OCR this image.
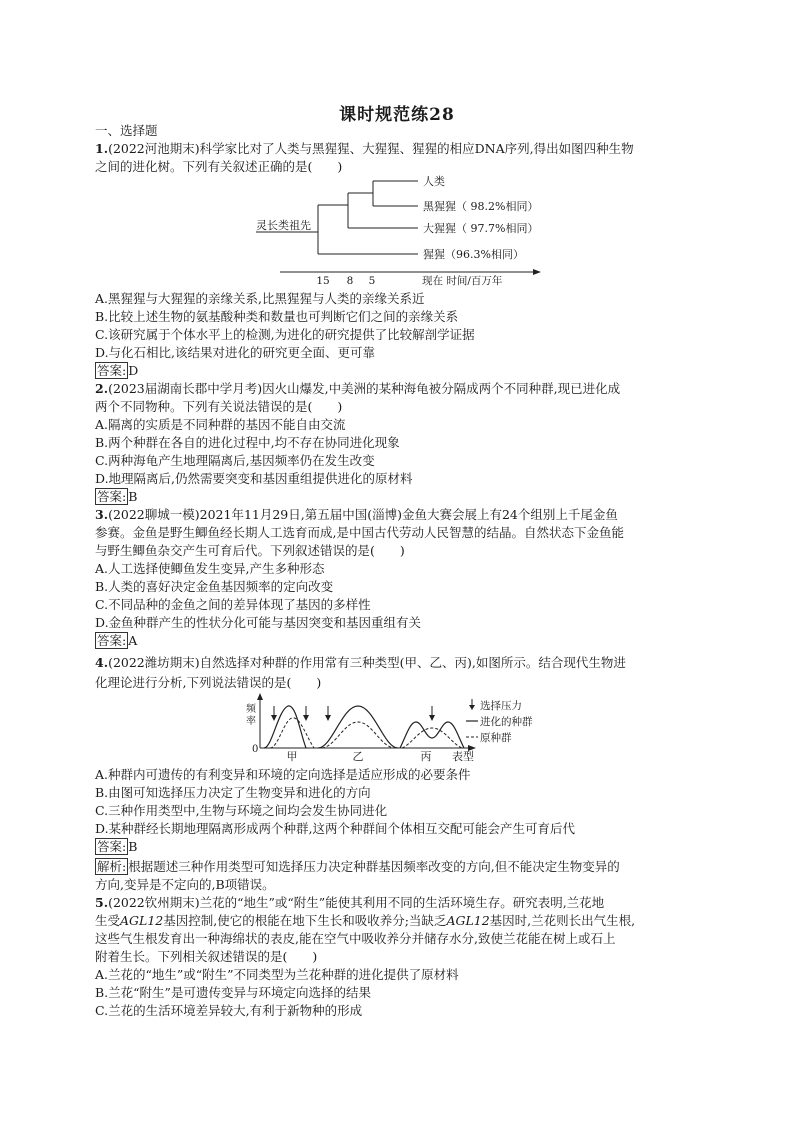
课时规范练28
一、选择题
1.(2022河池期末)科学家比对了人类与黑猩猩、大猩猩、猩猩的相应DNA序列,得出如图四种生物
之间的进化树。下列有关叙述正确的是(　　)
灵长类祖先
人类
黑猩猩（ 98.2%相同）
大猩猩（ 97.7%相同）
猩猩（96.3%相同）
15 8 5	现在 时间/百万年
A.黑猩猩与大猩猩的亲缘关系,比黑猩猩与人类的亲缘关系近
B.比较上述生物的氨基酸种类和数量也可判断它们之间的亲缘关系
C.该研究属于个体水平上的检测,为进化的研究提供了比较解剖学证据
D.与化石相比,该结果对进化的研究更全面、更可靠
答案: D
2.(2023届湖南长郡中学月考)因火山爆发,中美洲的某种海龟被分隔成两个不同种群,现已进化成
两个不同物种。下列有关说法错误的是(　　)
A.隔离的实质是不同种群的基因不能自由交流
B.两个种群在各自的进化过程中,均不存在协同进化现象
C.两种海龟产生地理隔离后,基因频率仍在发生改变
D.地理隔离后,仍然需要突变和基因重组提供进化的原材料
答案: B
3.(2022聊城一模)2021年11月29日,第五届中国(淄博)金鱼大赛会展上有24个组别上千尾金鱼
参赛。金鱼是野生鲫鱼经长期人工选育而成,是中国古代劳动人民智慧的结晶。自然状态下金鱼能
与野生鲫鱼杂交产生可育后代。下列叙述错误的是(　　)
A.人工选择使鲫鱼发生变异,产生多种形态
B.人类的喜好决定金鱼基因频率的定向改变
C.不同品种的金鱼之间的差异体现了基因的多样性
D.金鱼种群产生的性状分化可能与基因突变和基因重组有关
答案: A
4.(2022潍坊期末)自然选择对种群的作用常有三种类型(甲、乙、丙),如图所示。结合现代生物进
化理论进行分析,下列说法错误的是(　　)
频
率
0
甲	乙	丙 表型
选择压力
进化的种群
原种群
A.种群内可遗传的有利变异和环境的定向选择是适应形成的必要条件
B.由图可知选择压力决定了生物变异和进化的方向
C.三种作用类型中,生物与环境之间均会发生协同进化
D.某种群经长期地理隔离形成两个种群,这两个种群间个体相互交配可能会产生可育后代
答案: B
解析: 根据题述三种作用类型可知选择压力决定种群基因频率改变的方向,但不能决定生物变异的
方向,变异是不定向的,B项错误。
5.(2022钦州期末)兰花的“地生”或“附生”能使其利用不同的生活环境生存。研究表明,兰花地
生受AGL12基因控制,使它的根能在地下生长和吸收养分;当缺乏AGL12基因时,兰花则长出气生根,
这些气生根发育出一种海绵状的表皮,能在空气中吸收养分并储存水分,致使兰花能在树上或石上
附着生长。下列相关叙述错误的是(　　)
A.兰花的“地生”或“附生”不同类型为兰花种群的进化提供了原材料
B.兰花“附生”是可遗传变异与环境定向选择的结果
C.兰花的生活环境差异较大,有利于新物种的形成
